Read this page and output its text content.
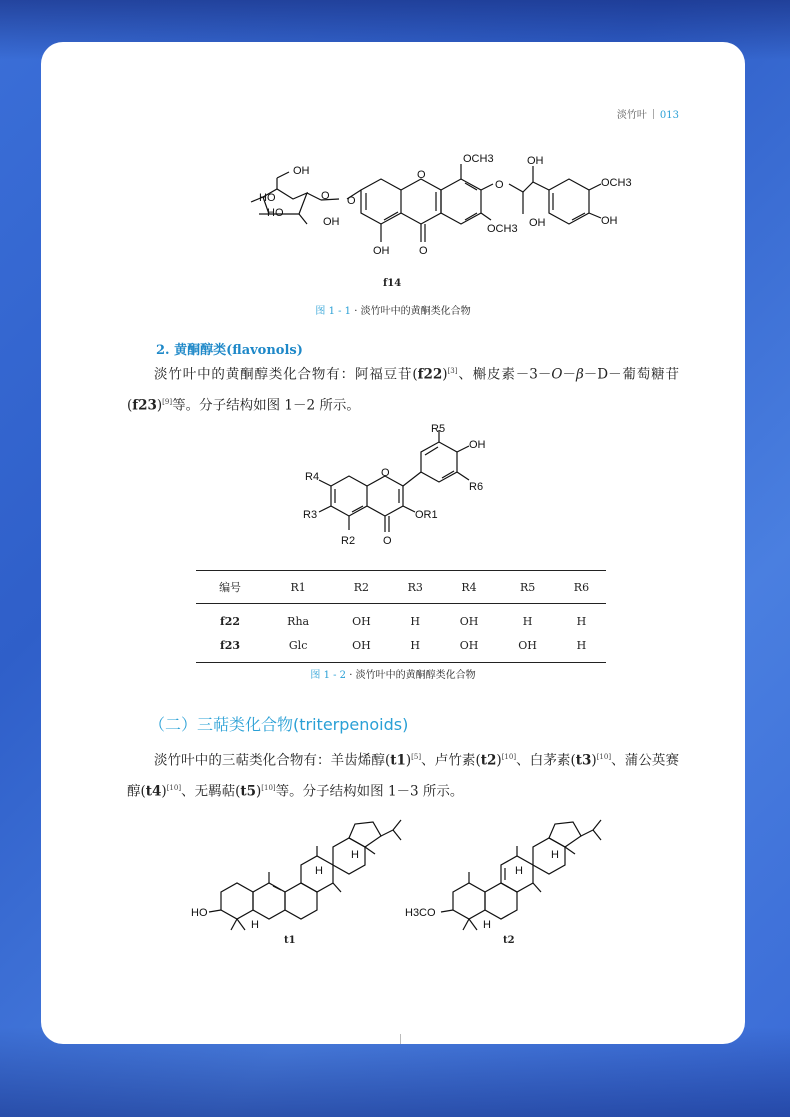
淡竹叶 013
OH
HO
HO
OH
O O
O
OCH3
OCH3
O
OH
OH
OCH3
OH
OH	O
f14
图 1 - 1 · 淡竹叶中的黄酮类化合物
2. 黄酮醇类(flavonols)
淡竹叶中的黄酮醇类化合物有：阿福豆苷(f22)[3]、槲皮素－3－O－β－D－葡萄糖苷(f23)[9]等。分子结构如图 1－2 所示。
R5
OH
R4	O
R6
R3	OR1
R2	O
编号	R1	R2	R3	R4	R5	R6
f22	Rha	OH	H	OH	H	H
f23	Glc	OH	H	OH	OH	H
图 1 - 2 · 淡竹叶中的黄酮醇类化合物
（二）三萜类化合物(triterpenoids)
淡竹叶中的三萜类化合物有：羊齿烯醇(t1)[5]、卢竹素(t2)[10]、白茅素(t3)[10]、蒲公英赛醇(t4)[10]、无羁萜(t5)[10]等。分子结构如图 1－3 所示。
HO
H
H
H
t1
H3CO
H
H
H
t2
